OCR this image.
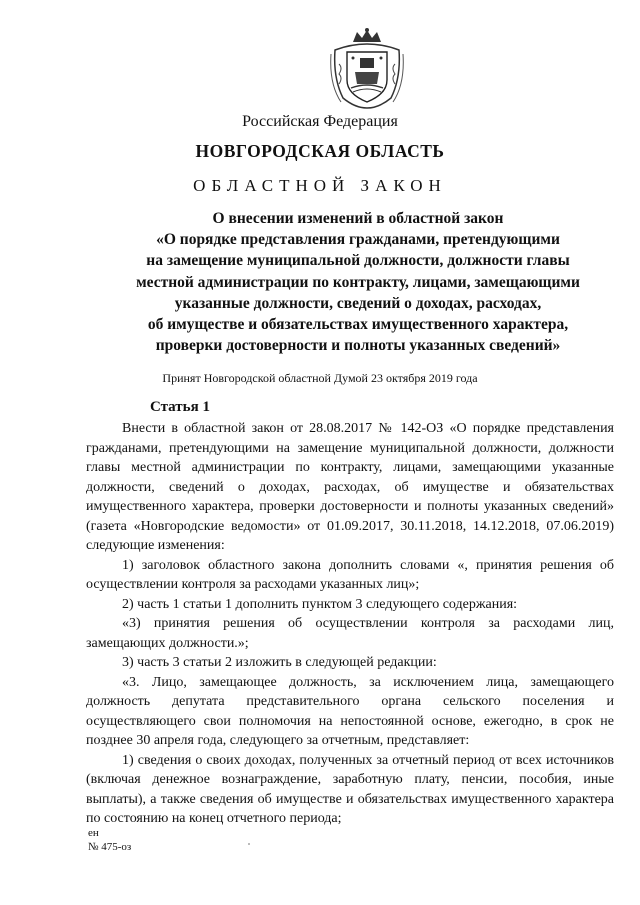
Российская Федерация
НОВГОРОДСКАЯ ОБЛАСТЬ
ОБЛАСТНОЙ ЗАКОН
О внесении изменений в областной закон
«О порядке представления гражданами, претендующими
на замещение муниципальной должности, должности главы
местной администрации по контракту, лицами, замещающими
указанные должности, сведений о доходах, расходах,
об имуществе и обязательствах имущественного характера,
проверки достоверности и полноты указанных сведений»
Принят Новгородской областной Думой 23 октября 2019 года
Статья 1

Внести в областной закон от 28.08.2017 № 142-ОЗ «О порядке представления гражданами, претендующими на замещение муниципальной должности, должности главы местной администрации по контракту, лицами, замещающими указанные должности, сведений о доходах, расходах, об имуществе и обязательствах имущественного характера, проверки достоверности и полноты указанных сведений» (газета «Новгородские ведомости» от 01.09.2017, 30.11.2018, 14.12.2018, 07.06.2019) следующие изменения:

1) заголовок областного закона дополнить словами «, принятия решения об осуществлении контроля за расходами указанных лиц»;

2) часть 1 статьи 1 дополнить пунктом 3 следующего содержания:

«3) принятия решения об осуществлении контроля за расходами лиц, замещающих должности.»;

3) часть 3 статьи 2 изложить в следующей редакции:

«3. Лицо, замещающее должность, за исключением лица, замещающего должность депутата представительного органа сельского поселения и осуществляющего свои полномочия на непостоянной основе, ежегодно, в срок не позднее 30 апреля года, следующего за отчетным, представляет:

1) сведения о своих доходах, полученных за отчетный период от всех источников (включая денежное вознаграждение, заработную плату, пенсии, пособия, иные выплаты), а также сведения об имуществе и обязательствах имущественного характера по состоянию на конец отчетного периода;

ен
№ 475-оз
